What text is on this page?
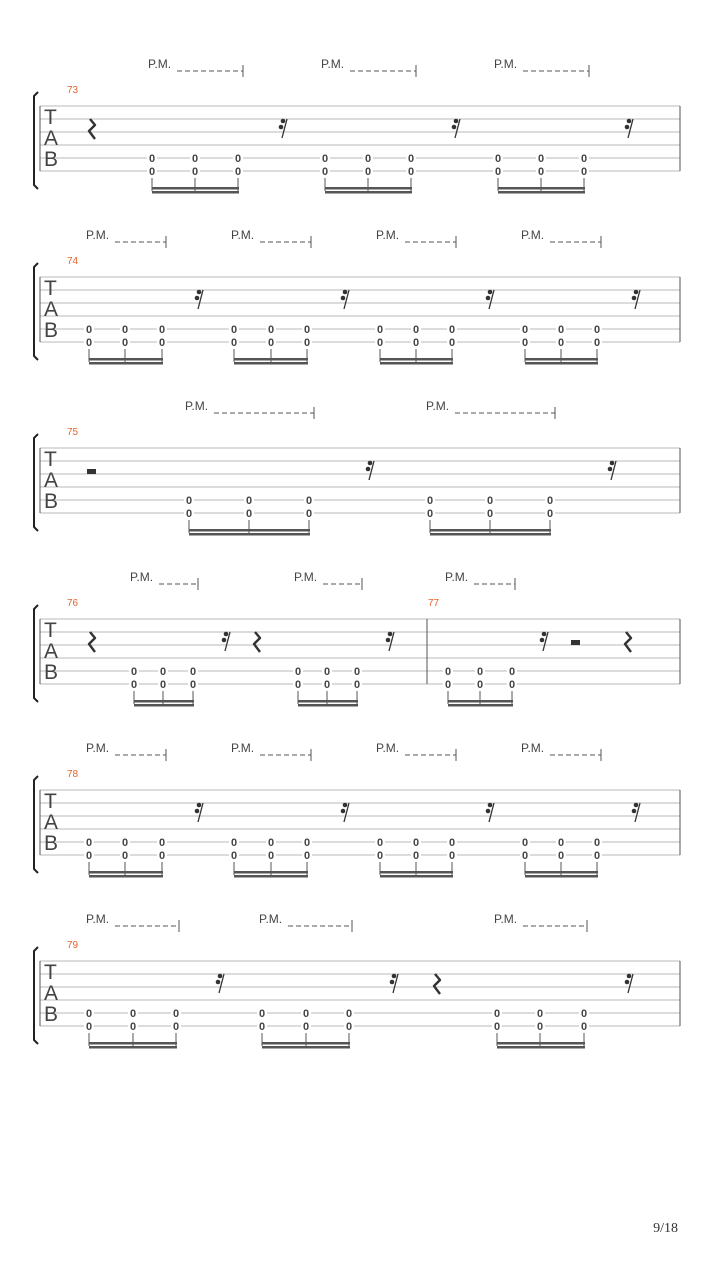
P.M.	P.M.	P.M.
73
T
A
B	0
0
0
0
0
0
0
0
0
0
0
0
0
0
0
0
0
0
P.M.	P.M.	P.M.	P.M.
74
T
A
B	0
0
0
0
0
0
0
0
0
0
0
0
0
0
0
0
0
0
0
0
0
0
0
0
P.M.	P.M.
75
T
A
B	0
0
0
0
0
0
0
0
0
0
0
0
P.M.	P.M.	P.M.
76	77
T
A
B	0
0
0
0
0
0
0
0
0
0
0
0
0
0
0
0
0
0
P.M.	P.M.	P.M.	P.M.
78
T
A
B	0
0
0
0
0
0
0
0
0
0
0
0
0
0
0
0
0
0
0
0
0
0
0
0
P.M.	P.M.	P.M.
79
T
A
B	0
0
0
0
0
0
0
0
0
0
0
0
0
0
0
0
0
0
9/18
